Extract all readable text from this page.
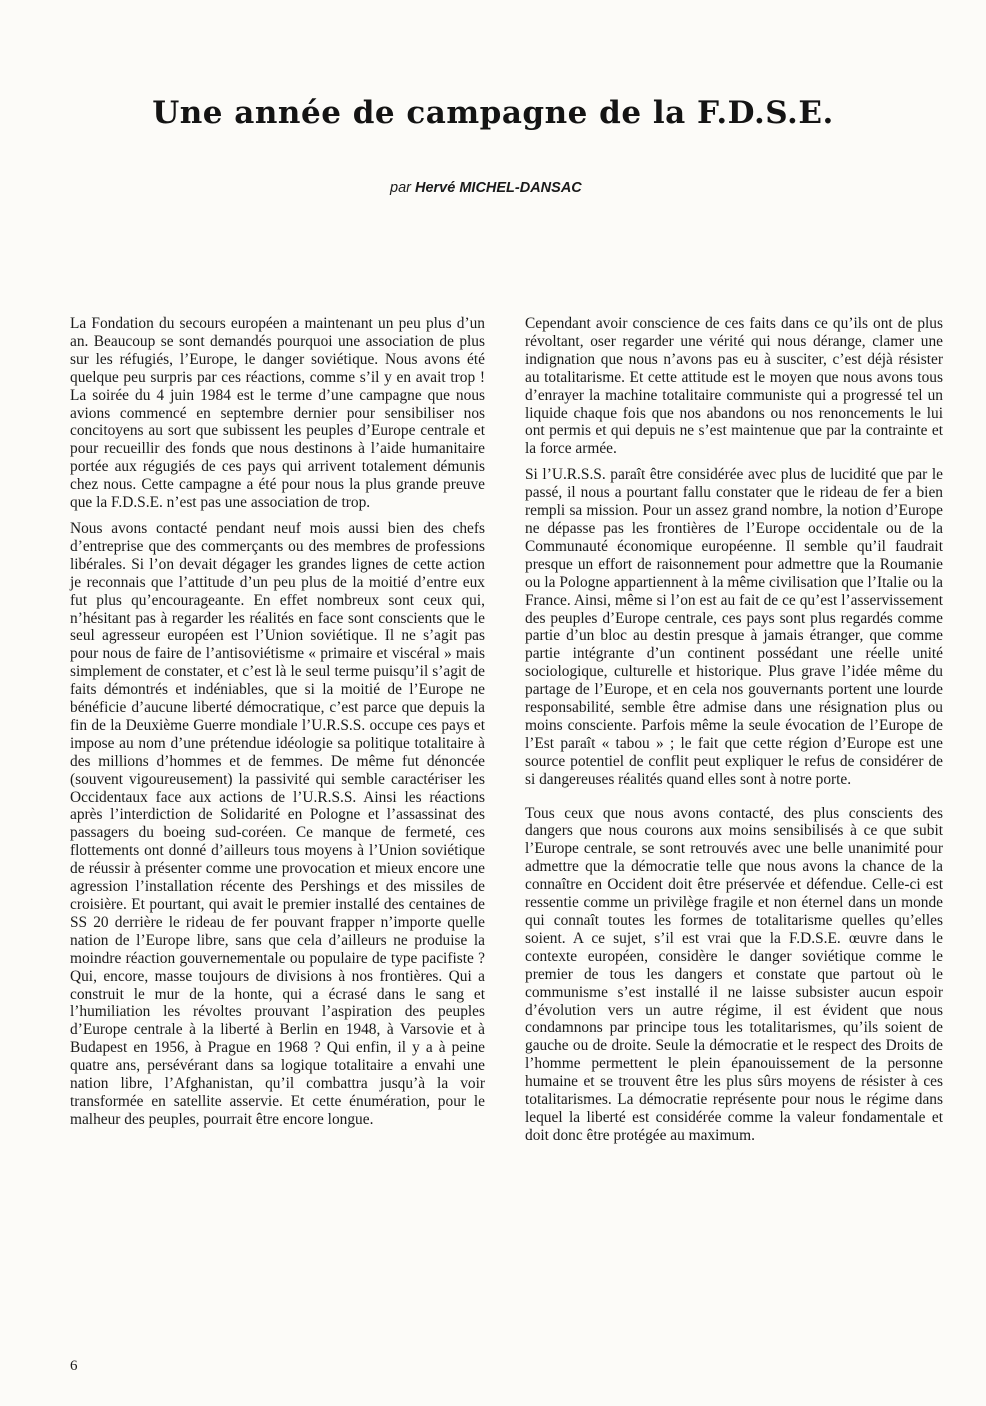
Une année de campagne de la F.D.S.E.
par Hervé MICHEL-DANSAC

La Fondation du secours européen a maintenant un peu plus d’un an. Beaucoup se sont demandés pourquoi une association de plus sur les réfugiés, l’Europe, le danger soviétique. Nous avons été quelque peu surpris par ces réactions, comme s’il y en avait trop ! La soirée du 4 juin 1984 est le terme d’une campagne que nous avions commencé en septembre dernier pour sensibiliser nos concitoyens au sort que subissent les peuples d’Europe centrale et pour recueillir des fonds que nous destinons à l’aide humanitaire portée aux régugiés de ces pays qui arrivent totalement démunis chez nous. Cette campagne a été pour nous la plus grande preuve que la F.D.S.E. n’est pas une association de trop.

Nous avons contacté pendant neuf mois aussi bien des chefs d’entreprise que des commerçants ou des membres de professions libérales. Si l’on devait dégager les grandes lignes de cette action je reconnais que l’attitude d’un peu plus de la moitié d’entre eux fut plus qu’encourageante. En effet nombreux sont ceux qui, n’hésitant pas à regarder les réalités en face sont conscients que le seul agresseur européen est l’Union soviétique. Il ne s’agit pas pour nous de faire de l’antisoviétisme « primaire et viscéral » mais simplement de constater, et c’est là le seul terme puisqu’il s’agit de faits démontrés et indéniables, que si la moitié de l’Europe ne bénéficie d’aucune liberté démocratique, c’est parce que depuis la fin de la Deuxième Guerre mondiale l’U.R.S.S. occupe ces pays et impose au nom d’une prétendue idéologie sa politique totalitaire à des millions d’hommes et de femmes. De même fut dénoncée (souvent vigoureusement) la passivité qui semble caractériser les Occidentaux face aux actions de l’U.R.S.S. Ainsi les réactions après l’interdiction de Solidarité en Pologne et l’assassinat des passagers du boeing sud-coréen. Ce manque de fermeté, ces flottements ont donné d’ailleurs tous moyens à l’Union soviétique de réussir à présenter comme une provocation et mieux encore une agression l’installation récente des Pershings et des missiles de croisière. Et pourtant, qui avait le premier installé des centaines de SS 20 derrière le rideau de fer pouvant frapper n’importe quelle nation de l’Europe libre, sans que cela d’ailleurs ne produise la moindre réaction gouvernementale ou populaire de type pacifiste ? Qui, encore, masse toujours de divisions à nos frontières. Qui a construit le mur de la honte, qui a écrasé dans le sang et l’humiliation les révoltes prouvant l’aspiration des peuples d’Europe centrale à la liberté à Berlin en 1948, à Varsovie et à Budapest en 1956, à Prague en 1968 ? Qui enfin, il y a à peine quatre ans, persévérant dans sa logique totalitaire a envahi une nation libre, l’Afghanistan, qu’il combattra jusqu’à la voir transformée en satellite asservie. Et cette énumération, pour le malheur des peuples, pourrait être encore longue.

Cependant avoir conscience de ces faits dans ce qu’ils ont de plus révoltant, oser regarder une vérité qui nous dérange, clamer une indignation que nous n’avons pas eu à susciter, c’est déjà résister au totalitarisme. Et cette attitude est le moyen que nous avons tous d’enrayer la machine totalitaire communiste qui a progressé tel un liquide chaque fois que nos abandons ou nos renoncements le lui ont permis et qui depuis ne s’est maintenue que par la contrainte et la force armée.

Si l’U.R.S.S. paraît être considérée avec plus de lucidité que par le passé, il nous a pourtant fallu constater que le rideau de fer a bien rempli sa mission. Pour un assez grand nombre, la notion d’Europe ne dépasse pas les frontières de l’Europe occidentale ou de la Communauté économique européenne. Il semble qu’il faudrait presque un effort de raisonnement pour admettre que la Roumanie ou la Pologne appartiennent à la même civilisation que l’Italie ou la France. Ainsi, même si l’on est au fait de ce qu’est l’asservissement des peuples d’Europe centrale, ces pays sont plus regardés comme partie d’un bloc au destin presque à jamais étranger, que comme partie intégrante d’un continent possédant une réelle unité sociologique, culturelle et historique. Plus grave l’idée même du partage de l’Europe, et en cela nos gouvernants portent une lourde responsabilité, semble être admise dans une résignation plus ou moins consciente. Parfois même la seule évocation de l’Europe de l’Est paraît « tabou » ; le fait que cette région d’Europe est une source potentiel de conflit peut expliquer le refus de considérer de si dangereuses réalités quand elles sont à notre porte.

Tous ceux que nous avons contacté, des plus conscients des dangers que nous courons aux moins sensibilisés à ce que subit l’Europe centrale, se sont retrouvés avec une belle unanimité pour admettre que la démocratie telle que nous avons la chance de la connaître en Occident doit être préservée et défendue. Celle-ci est ressentie comme un privilège fragile et non éternel dans un monde qui connaît toutes les formes de totalitarisme quelles qu’elles soient. A ce sujet, s’il est vrai que la F.D.S.E. œuvre dans le contexte européen, considère le danger soviétique comme le premier de tous les dangers et constate que partout où le communisme s’est installé il ne laisse subsister aucun espoir d’évolution vers un autre régime, il est évident que nous condamnons par principe tous les totalitarismes, qu’ils soient de gauche ou de droite. Seule la démocratie et le respect des Droits de l’homme permettent le plein épanouissement de la personne humaine et se trouvent être les plus sûrs moyens de résister à ces totalitarismes. La démocratie représente pour nous le régime dans lequel la liberté est considérée comme la valeur fondamentale et doit donc être protégée au maximum.

6
